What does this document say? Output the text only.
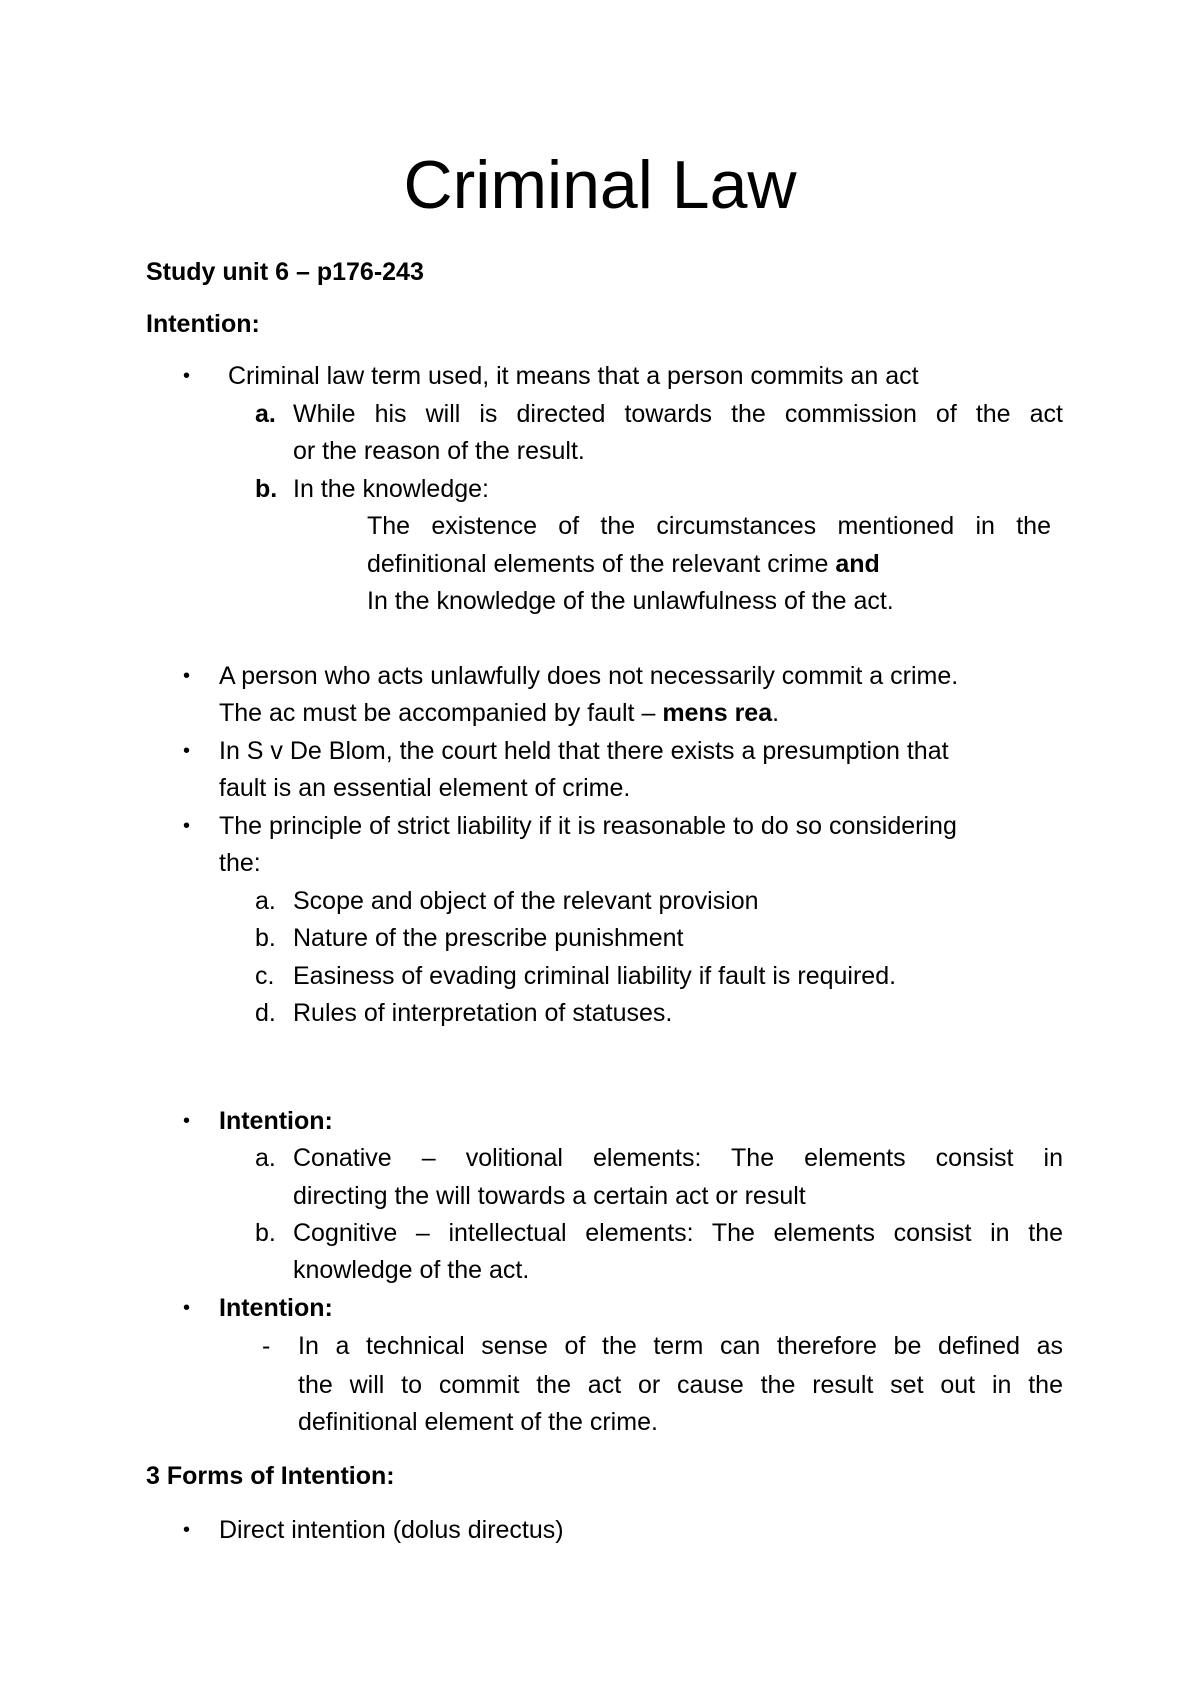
Criminal Law
Study unit 6 – p176-243
Intention:
• Criminal law term used, it means that a person commits an act
a. While his will is directed towards the commission of the act
or the reason of the result.
b. In the knowledge:
The existence of the circumstances mentioned in the
definitional elements of the relevant crime and
In the knowledge of the unlawfulness of the act.
• A person who acts unlawfully does not necessarily commit a crime.
The ac must be accompanied by fault – mens rea.
• In S v De Blom, the court held that there exists a presumption that
fault is an essential element of crime.
• The principle of strict liability if it is reasonable to do so considering
the:
a. Scope and object of the relevant provision
b. Nature of the prescribe punishment
c. Easiness of evading criminal liability if fault is required.
d. Rules of interpretation of statuses.
• Intention:
a. Conative – volitional elements: The elements consist in
directing the will towards a certain act or result
b. Cognitive – intellectual elements: The elements consist in the
knowledge of the act.
• Intention:
- In a technical sense of the term can therefore be defined as
the will to commit the act or cause the result set out in the
definitional element of the crime.
3 Forms of Intention:
• Direct intention (dolus directus)
